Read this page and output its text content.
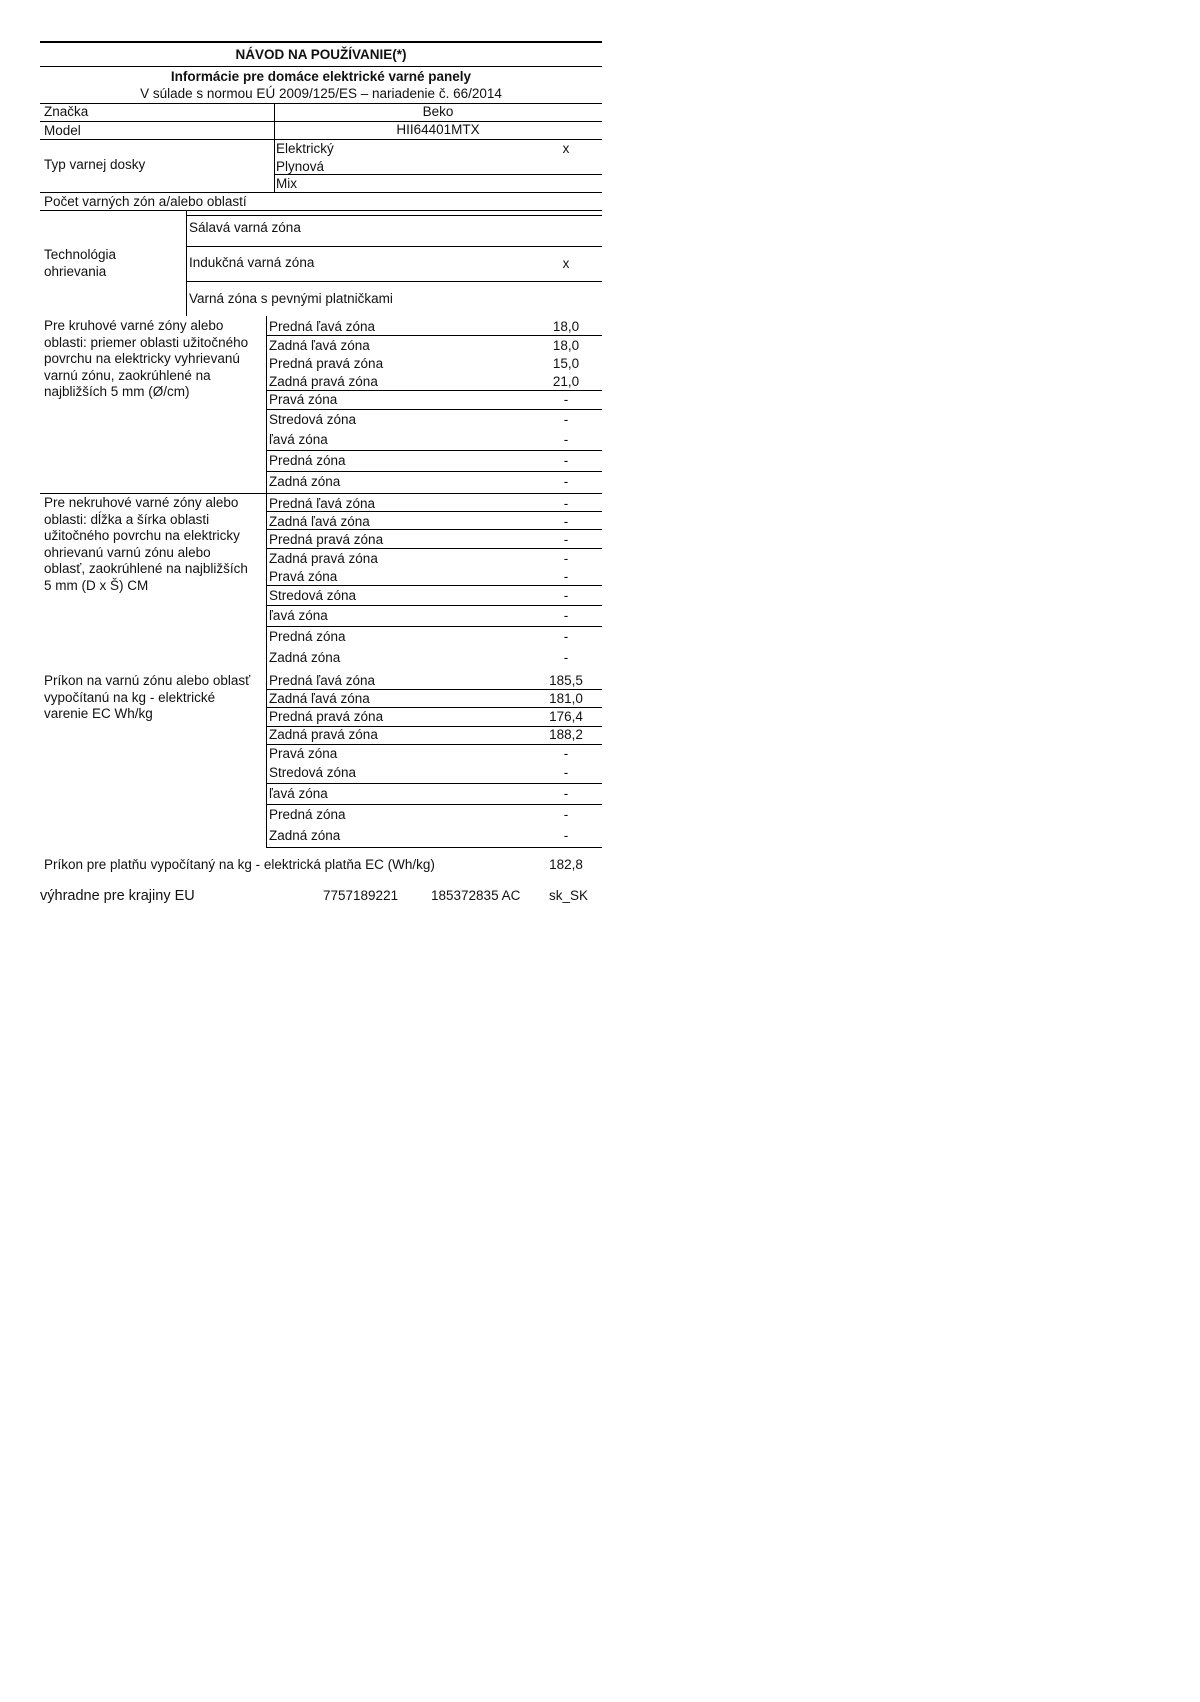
NÁVOD NA POUŽÍVANIE(*)
Informácie pre domáce elektrické varné panely
V súlade s normou EÚ 2009/125/ES – nariadenie č. 66/2014
Značka	Beko
Model	HII64401MTX
Typ varnej dosky
Elektrický	x
Plynová
Mix
Počet varných zón a/alebo oblastí
Technológia
ohrievania
Sálavá varná zóna
Indukčná varná zóna	x
Varná zóna s pevnými platničkami
Pre kruhové varné zóny alebo
oblasti: priemer oblasti užitočného
povrchu na elektricky vyhrievanú
varnú zónu, zaokrúhlené na
najbližších 5 mm (Ø/cm)
Predná ľavá zóna	18,0
Zadná ľavá zóna	18,0
Predná pravá zóna	15,0
Zadná pravá zóna	21,0
Pravá zóna	-
Stredová zóna	-
ľavá zóna	-
Predná zóna	-
Zadná zóna	-
Pre nekruhové varné zóny alebo
oblasti: dĺžka a šírka oblasti
užitočného povrchu na elektricky
ohrievanú varnú zónu alebo
oblasť, zaokrúhlené na najbližších
5 mm (D x Š) CM
Predná ľavá zóna	-
Zadná ľavá zóna	-
Predná pravá zóna	-
Zadná pravá zóna	-
Pravá zóna	-
Stredová zóna	-
ľavá zóna	-
Predná zóna	-
Zadná zóna	-
Príkon na varnú zónu alebo oblasť
vypočítanú na kg - elektrické
varenie EC Wh/kg
Predná ľavá zóna	185,5
Zadná ľavá zóna	181,0
Predná pravá zóna	176,4
Zadná pravá zóna	188,2
Pravá zóna	-
Stredová zóna	-
ľavá zóna	-
Predná zóna	-
Zadná zóna	-
Príkon pre platňu vypočítaný na kg - elektrická platňa EC (Wh/kg)	182,8
výhradne pre krajiny EU	7757189221 185372835 AC sk_SK
